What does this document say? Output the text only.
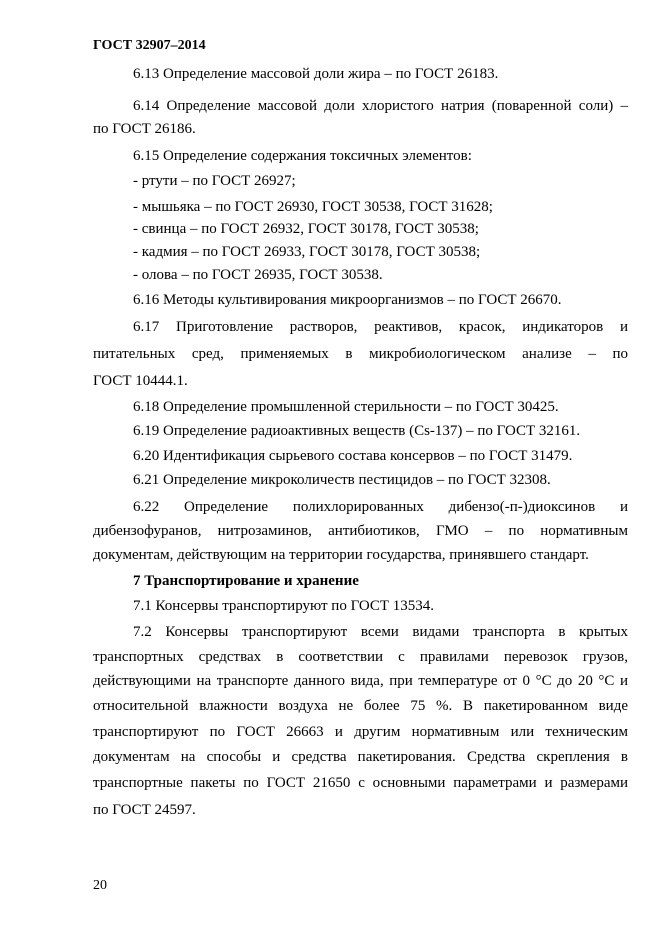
ГОСТ 32907–2014
6.13 Определение массовой доли жира – по ГОСТ 26183.
6.14 Определение массовой доли хлористого натрия (поваренной соли) –
по ГОСТ 26186.
6.15 Определение содержания токсичных элементов:
- ртути – по ГОСТ 26927;
- мышьяка – по ГОСТ 26930, ГОСТ 30538, ГОСТ 31628;
- свинца – по ГОСТ 26932, ГОСТ 30178, ГОСТ 30538;
- кадмия – по ГОСТ 26933, ГОСТ 30178, ГОСТ 30538;
- олова – по ГОСТ 26935, ГОСТ 30538.
6.16 Методы культивирования микроорганизмов – по ГОСТ 26670.
6.17 Приготовление растворов, реактивов, красок, индикаторов и
питательных сред, применяемых в микробиологическом анализе – по
ГОСТ 10444.1.
6.18 Определение промышленной стерильности – по ГОСТ 30425.
6.19 Определение радиоактивных веществ (Cs-137) – по ГОСТ 32161.
6.20 Идентификация сырьевого состава консервов – по ГОСТ 31479.
6.21 Определение микроколичеств пестицидов – по ГОСТ 32308.
6.22 Определение полихлорированных дибензо(-п-)диоксинов и
дибензофуранов, нитрозаминов, антибиотиков, ГМО – по нормативным
документам, действующим на территории государства, принявшего стандарт.
7 Транспортирование и хранение
7.1 Консервы транспортируют по ГОСТ 13534.
7.2 Консервы транспортируют всеми видами транспорта в крытых
транспортных средствах в соответствии с правилами перевозок грузов,
действующими на транспорте данного вида, при температуре от 0 °С до 20 °С и
относительной влажности воздуха не более 75 %. В пакетированном виде
транспортируют по ГОСТ 26663 и другим нормативным или техническим
документам на способы и средства пакетирования. Средства скрепления в
транспортные пакеты по ГОСТ 21650 с основными параметрами и размерами
по ГОСТ 24597.
20
